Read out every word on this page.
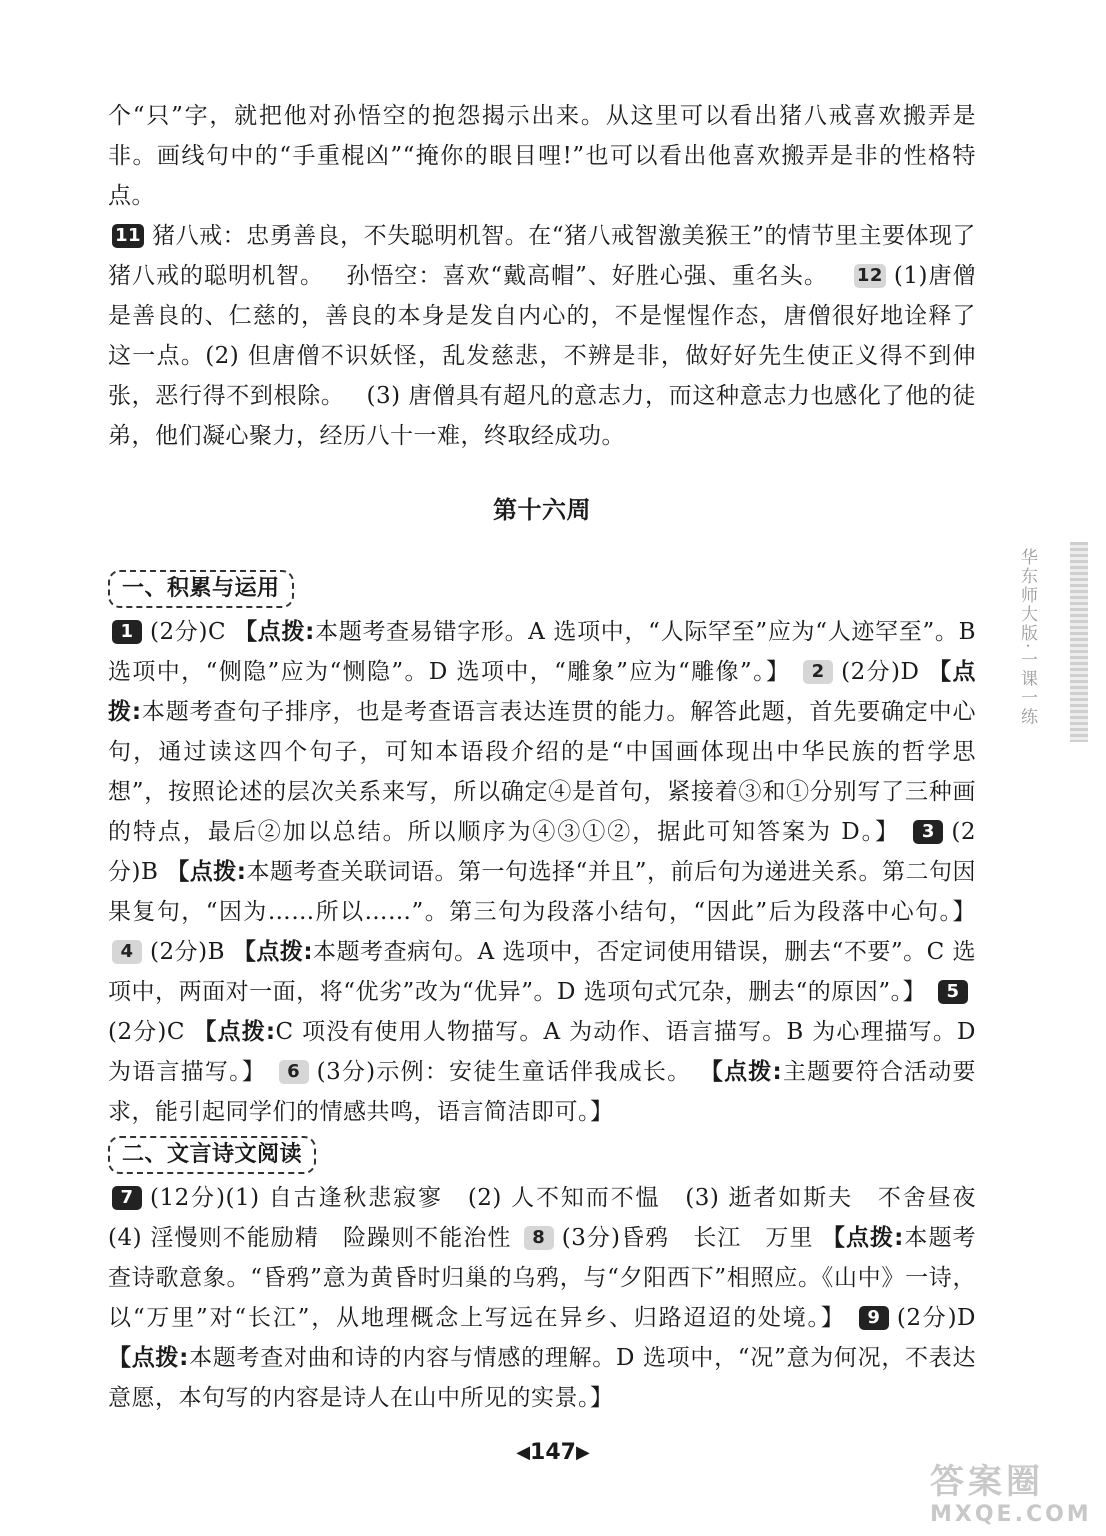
个“只”字，就把他对孙悟空的抱怨揭示出来。从这里可以看出猪八戒喜欢搬弄是非。画线句中的“手重棍凶”“掩你的眼目哩!”也可以看出他喜欢搬弄是非的性格特点。

11 猪八戒：忠勇善良，不失聪明机智。在“猪八戒智激美猴王”的情节里主要体现了猪八戒的聪明机智。 孙悟空：喜欢“戴高帽”、好胜心强、重名头。 12 (1)唐僧是善良的、仁慈的，善良的本身是发自内心的，不是惺惺作态，唐僧很好地诠释了这一点。(2) 但唐僧不识妖怪，乱发慈悲，不辨是非，做好好先生使正义得不到伸张，恶行得不到根除。 (3) 唐僧具有超凡的意志力，而这种意志力也感化了他的徒弟，他们凝心聚力，经历八十一难，终取经成功。

第十六周
一、积累与运用

1 (2分)C 【点拨:本题考查易错字形。A 选项中，“人际罕至”应为“人迹罕至”。B 选项中，“侧隐”应为“恻隐”。D 选项中，“雕象”应为“雕像”。】 2 (2分)D 【点拨:本题考查句子排序，也是考查语言表达连贯的能力。解答此题，首先要确定中心句，通过读这四个句子，可知本语段介绍的是“中国画体现出中华民族的哲学思想”，按照论述的层次关系来写，所以确定④是首句，紧接着③和①分别写了三种画的特点，最后②加以总结。所以顺序为④③①②，据此可知答案为 D。】 3 (2分)B 【点拨:本题考查关联词语。第一句选择“并且”，前后句为递进关系。第二句因果复句，“因为……所以……”。第三句为段落小结句，“因此”后为段落中心句。】 4 (2分)B 【点拨:本题考查病句。A 选项中，否定词使用错误，删去“不要”。C 选项中，两面对一面，将“优劣”改为“优异”。D 选项句式冗杂，删去“的原因”。】 5(2分)C 【点拨:C 项没有使用人物描写。A 为动作、语言描写。B 为心理描写。D 为语言描写。】 6 (3分)示例：安徒生童话伴我成长。 【点拨:主题要符合活动要求，能引起同学们的情感共鸣，语言简洁即可。】

二、文言诗文阅读

7 (12分)(1) 自古逢秋悲寂寥　(2) 人不知而不愠　(3) 逝者如斯夫　不舍昼夜　(4) 淫慢则不能励精　险躁则不能治性 8 (3分)昏鸦　长江　万里 【点拨:本题考查诗歌意象。“昏鸦”意为黄昏时归巢的乌鸦，与“夕阳西下”相照应。《山中》一诗，以“万里”对“长江”，从地理概念上写远在异乡、归路迢迢的处境。】 9 (2分)D 【点拨:本题考查对曲和诗的内容与情感的理解。D 选项中，“况”意为何况，不表达意愿，本句写的内容是诗人在山中所见的实景。】

华东师大版·一课一练
◀147▶
答案圈
MXQE.COM
